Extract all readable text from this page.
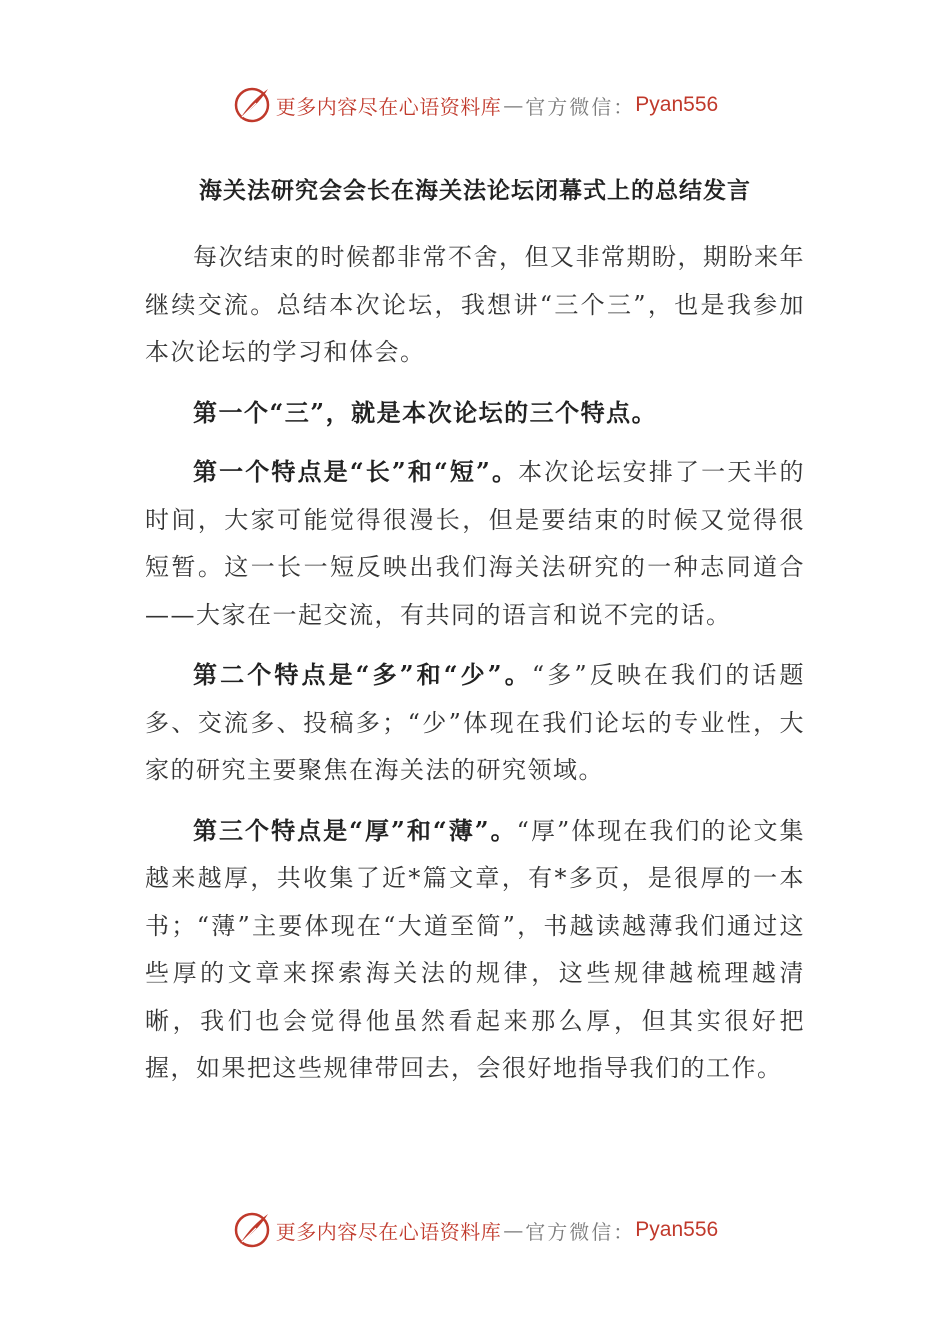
更多内容尽在心语资料库 — 官方微信： Pyan556
海关法研究会会长在海关法论坛闭幕式上的总结发言

每次结束的时候都非常不舍，但又非常期盼，期盼来年继续交流。总结本次论坛，我想讲“三个三”，也是我参加本次论坛的学习和体会。

第一个“三”，就是本次论坛的三个特点。

第一个特点是“长”和“短”。本次论坛安排了一天半的时间，大家可能觉得很漫长，但是要结束的时候又觉得很短暂。这一长一短反映出我们海关法研究的一种志同道合——大家在一起交流，有共同的语言和说不完的话。

第二个特点是“多”和“少”。“多”反映在我们的话题多、交流多、投稿多；“少”体现在我们论坛的专业性，大家的研究主要聚焦在海关法的研究领域。

第三个特点是“厚”和“薄”。“厚”体现在我们的论文集越来越厚，共收集了近*篇文章，有*多页，是很厚的一本书；“薄”主要体现在“大道至简”，书越读越薄我们通过这些厚的文章来探索海关法的规律，这些规律越梳理越清晰，我们也会觉得他虽然看起来那么厚，但其实很好把握，如果把这些规律带回去，会很好地指导我们的工作。

更多内容尽在心语资料库 — 官方微信： Pyan556
